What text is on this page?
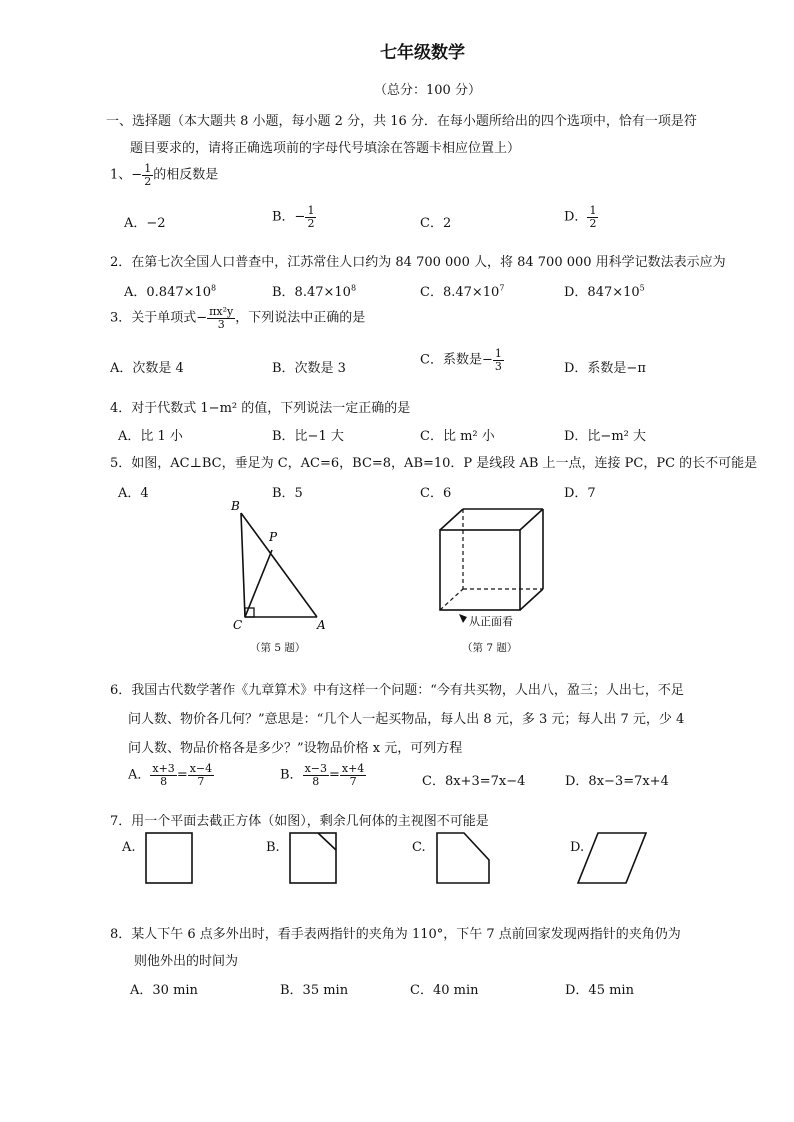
七年级数学
（总分：100 分）
一、选择题（本大题共 8 小题，每小题 2 分，共 16 分．在每小题所给出的四个选项中，恰有一项是符
题目要求的，请将正确选项前的字母代号填涂在答题卡相应位置上）
1、− $\frac{1}{2}$ 的相反数是
A．−2	B．− $\frac{1}{2}$	C．2	D． $\frac{1}{2}$
2．在第七次全国人口普查中，江苏常住人口约为 84 700 000 人，将 84 700 000 用科学记数法表示应为
A．$0.847\times 10^8$	B．$8.47\times 10^8$	C．$8.47\times 10^7$	D．$847\times 10^5$
3．关于单项式− $\frac{\text{πx²y}}{3}$ ，下列说法中正确的是
A．次数是 4	B．次数是 3
C．系数是− $\frac{1}{3}$	D．系数是−π
4．对于代数式 1−m² 的值，下列说法一定正确的是
A．比 1 小	B．比−1 大	C．比 m² 小	D．比−m² 大
5．如图，AC⊥BC，垂足为 C，AC=6，BC=8，AB=10．P 是线段 AB 上一点，连接 PC，PC 的长不可能是
A．4	B．5	C．6	D．7
B
P
C	A
（第 5 题）
从正面看
（第 7 题）
6．我国古代数学著作《九章算术》中有这样一个问题：“今有共买物，人出八，盈三；人出七，不足
问人数、物价各几何？”意思是：“几个人一起买物品，每人出 8 元，多 3 元；每人出 7 元，少 4
问人数、物品价格各是多少？”设物品价格 x 元，可列方程
A． $\frac{x+3}{8} = \frac{x-4}{7}$	B． $\frac{x-3}{8} = \frac{x+4}{7}$	C．8x+3=7x−4	D．8x−3=7x+4
7．用一个平面去截正方体（如图），剩余几何体的主视图不可能是
A.	B.	C.	D.
8．某人下午 6 点多外出时，看手表两指针的夹角为 110°，下午 7 点前回家发现两指针的夹角仍为
则他外出的时间为
A．30 min	B．35 min	C．40 min	D．45 min
